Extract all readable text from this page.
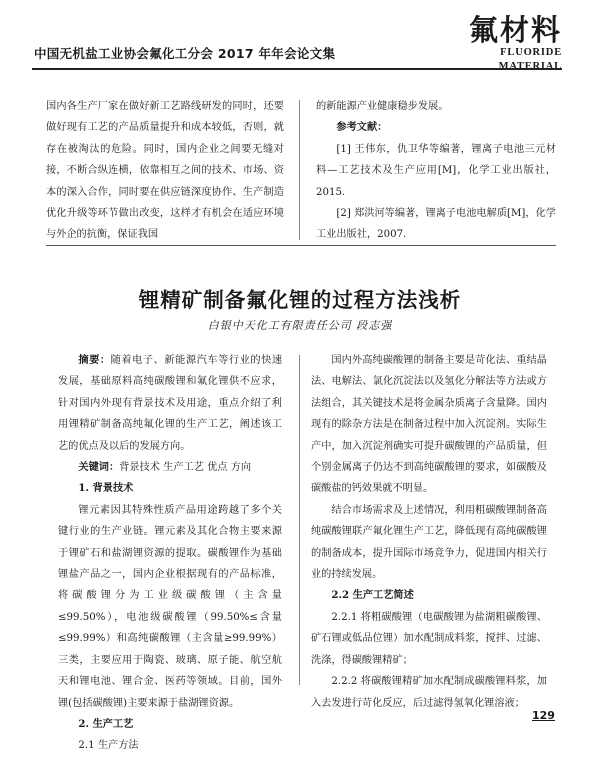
中国无机盐工业协会氟化工分会 2017 年年会论文集
氟材料
FLUORIDE MATERIAL

国内各生产厂家在做好新工艺路线研发的同时，还要做好现有工艺的产品质量提升和成本较低，否则，就存在被淘汰的危险。同时，国内企业之间要无缝对接，不断合纵连横，依靠相互之间的技术、市场、资本的深入合作，同时要在供应链深度协作、生产制造优化升级等环节做出改变，这样才有机会在适应环境与外企的抗衡，保证我国

的新能源产业健康稳步发展。

参考文献：

[1] 王伟东，仇卫华等编著，锂离子电池三元材料—工艺技术及生产应用[M]，化学工业出版社，2015.

[2] 郑洪河等编著，锂离子电池电解质[M]，化学工业出版社，2007.

锂精矿制备氟化锂的过程方法浅析
白银中天化工有限责任公司 段志强

摘要：随着电子、新能源汽车等行业的快速发展，基础原料高纯碳酸锂和氟化锂供不应求，针对国内外现有背景技术及用途，重点介绍了利用锂精矿制备高纯氟化锂的生产工艺，阐述该工艺的优点及以后的发展方向。

关键词：背景技术 生产工艺 优点 方向

1. 背景技术

锂元素因其特殊性质产品用途跨越了多个关键行业的生产业链。锂元素及其化合物主要来源于锂矿石和盐湖锂资源的提取。碳酸锂作为基础锂盐产品之一，国内企业根据现有的产品标准，将碳酸锂分为工业级碳酸锂（主含量≤99.50%），电池级碳酸锂（99.50%≤含量≤99.99%）和高纯碳酸锂（主含量≥99.99%）三类，主要应用于陶瓷、玻璃、原子能、航空航天和锂电池、锂合金、医药等领域。目前，国外锂(包括碳酸锂)主要来源于盐湖锂资源。

2. 生产工艺

2.1 生产方法

国内外高纯碳酸锂的制备主要是苛化法、重结晶法、电解法、氯化沉淀法以及氢化分解法等方法或方法组合，其关键技术是将金属杂质离子含量降。国内现有的除杂方法是在制备过程中加入沉淀剂。实际生产中，加入沉淀剂确实可提升碳酸锂的产品质量，但个别金属离子仍达不到高纯碳酸锂的要求，如碳酸及碳酸盐的钙效果就不明显。

结合市场需求及上述情况，利用粗碳酸锂制备高纯碳酸锂联产氟化锂生产工艺，降低现有高纯碳酸锂的制备成本，提升国际市场竞争力，促进国内相关行业的持续发展。

2.2 生产工艺简述

2.2.1 将粗碳酸锂（电碳酸锂为盐湖粗碳酸锂、矿石锂或低品位锂）加水配制成料浆，搅拌、过滤、洗涤，得碳酸锂精矿；

2.2.2 将碳酸锂精矿加水配制成碳酸锂料浆，加入去发进行苛化反应，后过滤得氢氧化锂溶液；

129
